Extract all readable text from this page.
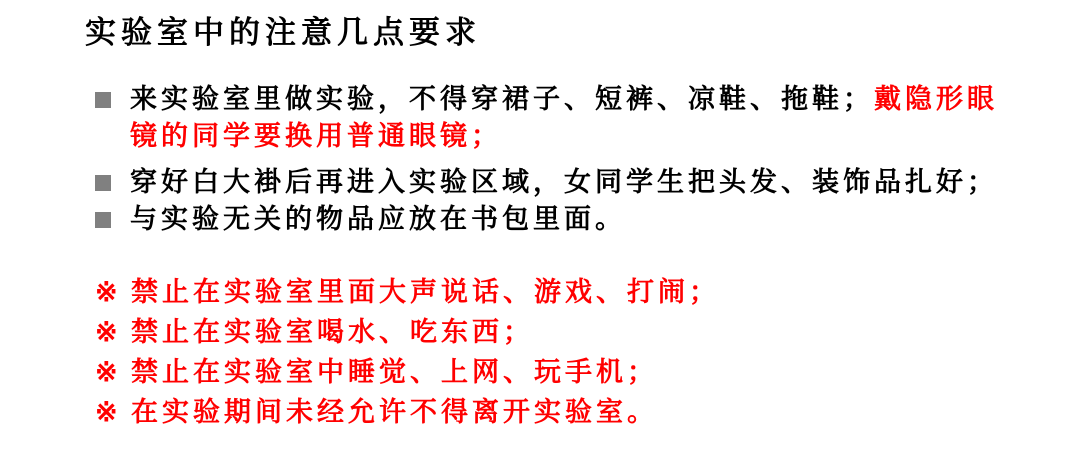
实验室中的注意几点要求
来实验室里做实验，不得穿裙子、短裤、凉鞋、拖鞋；戴隐形眼
镜的同学要换用普通眼镜；
穿好白大褂后再进入实验区域，女同学生把头发、装饰品扎好；
与实验无关的物品应放在书包里面。
※ 禁止在实验室里面大声说话、游戏、打闹；
※ 禁止在实验室喝水、吃东西；
※ 禁止在实验室中睡觉、上网、玩手机；
※ 在实验期间未经允许不得离开实验室。
